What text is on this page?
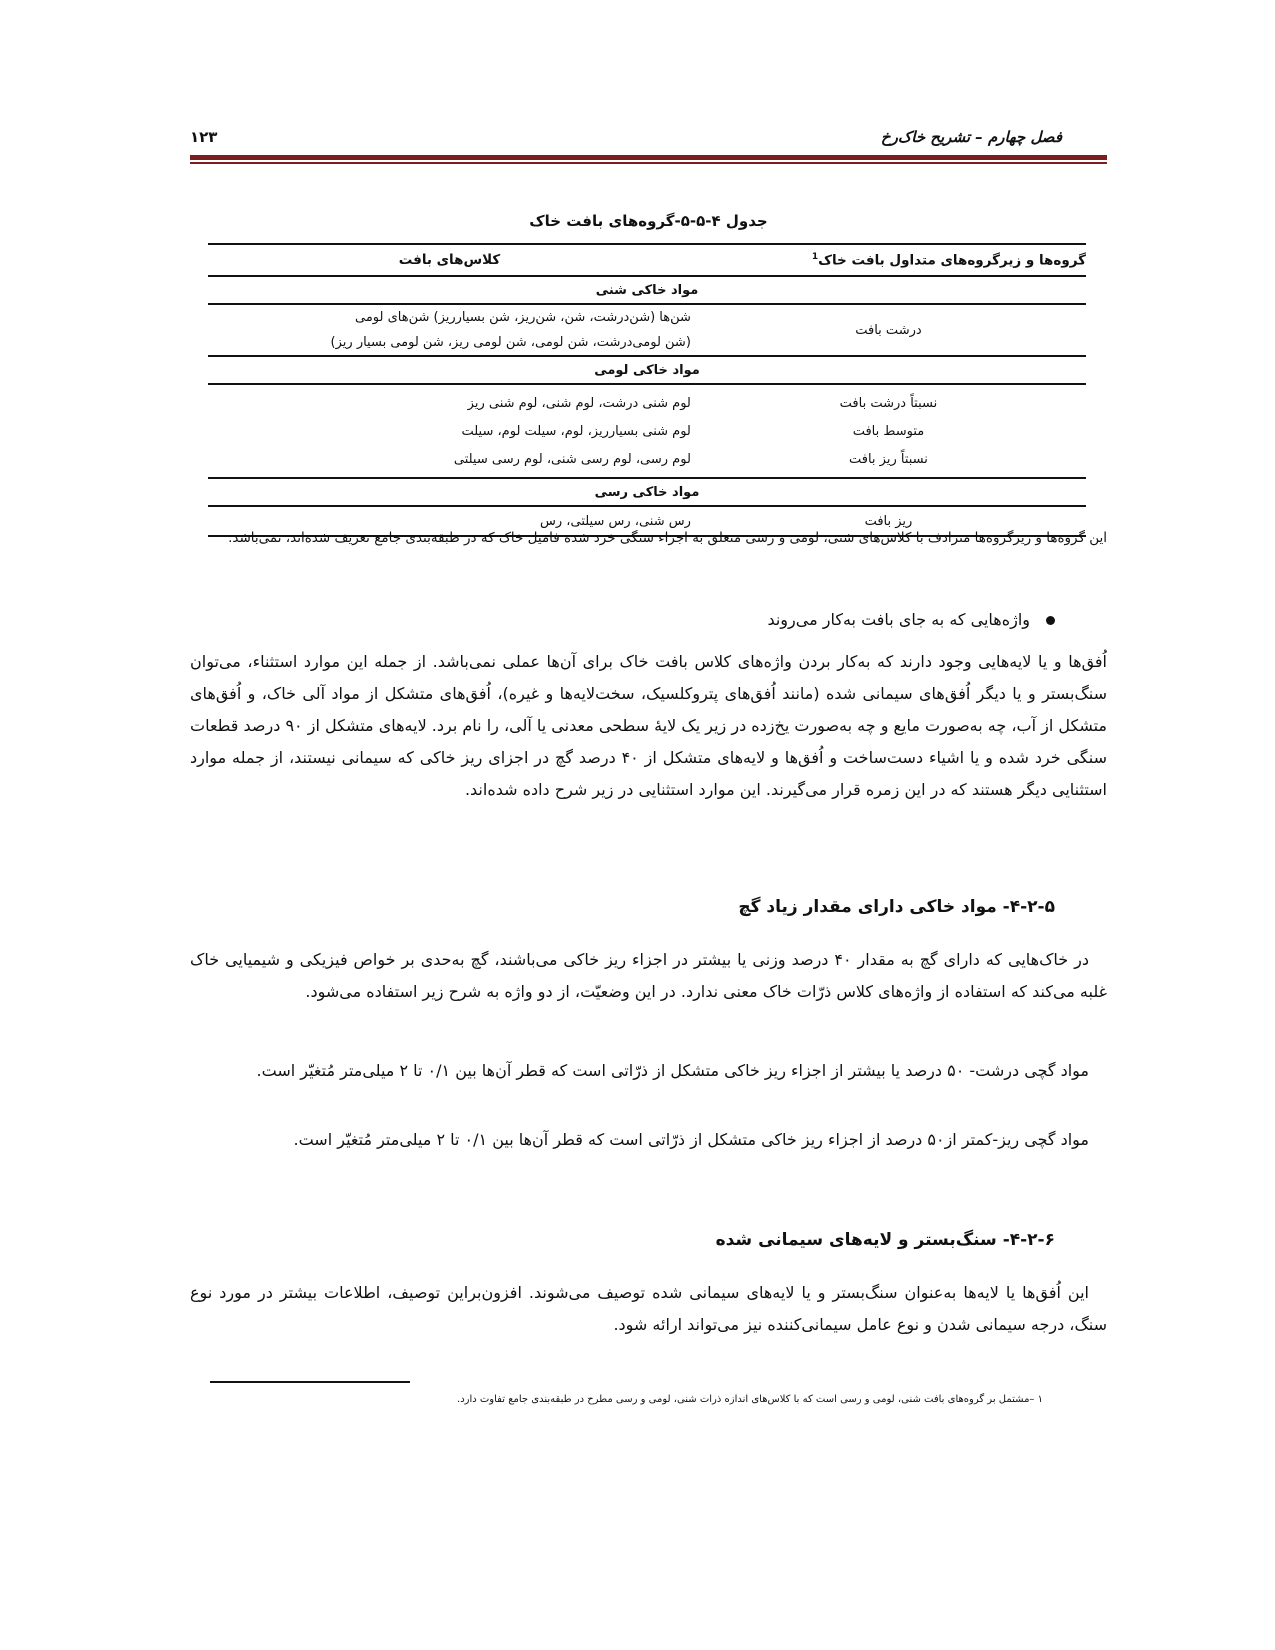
فصل چهارم – تشریح خاک‌رخ
۱۲۳
جدول ۴-۵-۵-گروه‌های بافت خاک
گروه‌ها و زیرگروه‌های متداول بافت خاک$^1$	کلاس‌های بافت
مواد خاکی شنی	
درشت بافت	شن‌ها (شن‌درشت، شن، شن‌ریز، شن بسیارریز) شن‌های لومی
(شن لومی‌درشت، شن لومی، شن لومی ریز، شن لومی بسیار ریز)

مواد خاکی لومی	
نسبتاً درشت بافت	لوم شنی درشت، لوم شنی، لوم شنی ریز
متوسط بافت	لوم شنی بسیارریز، لوم، سیلت لوم، سیلت
نسبتاً ریز بافت	لوم رسی، لوم رسی شنی، لوم رسی سیلتی
مواد خاکی رسی	
ریز بافت	رس شنی، رس سیلتی، رس
این گروه‌ها و زیرگروه‌ها مترادف با کلاس‌های شنی، لومی و رسی متعلق به اجزاء سنگی خرد شده فامیل خاک که در طبقه‌بندی جامع تعریف شده‌اند، نمی‌باشد.
واژه‌هایی که به جای بافت به‌کار می‌روند
اُفق‌ها و یا لایه‌هایی وجود دارند که به‌کار بردن واژه‌های کلاس بافت خاک برای آن‌ها عملی نمی‌باشد. از جمله این موارد استثناء، می‌توان سنگ‌بستر و یا دیگر اُفق‌های سیمانی شده (مانند اُفق‌های پتروکلسیک، سخت‌لایه‌ها و غیره)، اُفق‌های متشکل از مواد آلی خاک، و اُفق‌های متشکل از آب، چه به‌صورت مایع و چه به‌صورت یخ‌زده در زیر یک لایۀ سطحی معدنی یا آلی، را نام برد. لایه‌های متشکل از ۹۰ درصد قطعات سنگی خرد شده و یا اشیاء دست‌ساخت و اُفق‌ها و لایه‌های متشکل از ۴۰ درصد گچ در اجزای ریز خاکی که سیمانی نیستند، از جمله موارد استثنایی دیگر هستند که در این زمره قرار می‌گیرند. این موارد استثنایی در زیر شرح داده شده‌اند.
۴-۲-۵- مواد خاکی دارای مقدار زیاد گچ
در خاک‌هایی که دارای گچ به مقدار ۴۰ درصد وزنی یا بیشتر در اجزاء ریز خاکی می‌باشند، گچ به‌حدی بر خواص فیزیکی و شیمیایی خاک غلبه می‌کند که استفاده از واژه‌های کلاس ذرّات خاک معنی ندارد. در این وضعیّت، از دو واژه به شرح زیر استفاده می‌شود.
مواد گچی درشت- ۵۰ درصد یا بیشتر از اجزاء ریز خاکی متشکل از ذرّاتی است که قطر آن‌ها بین ۰/۱ تا ۲ میلی‌متر مُتغیّر است.
مواد گچی ریز-کمتر از۵۰ درصد از اجزاء ریز خاکی متشکل از ذرّاتی است که قطر آن‌ها بین ۰/۱ تا ۲ میلی‌متر مُتغیّر است.
۴-۲-۶- سنگ‌بستر و لایه‌های سیمانی شده
این اُفق‌ها یا لایه‌ها به‌عنوان سنگ‌بستر و یا لایه‌های سیمانی شده توصیف می‌شوند. افزون‌براین توصیف، اطلاعات بیشتر در مورد نوع سنگ، درجه سیمانی شدن و نوع عامل سیمانی‌کننده نیز می‌تواند ارائه شود.
۱ –مشتمل بر گروه‌های بافت شنی، لومی و رسی است که با کلاس‌های اندازه ذرات شنی، لومی و رسی مطرح در طبقه‌بندی جامع تفاوت دارد.
